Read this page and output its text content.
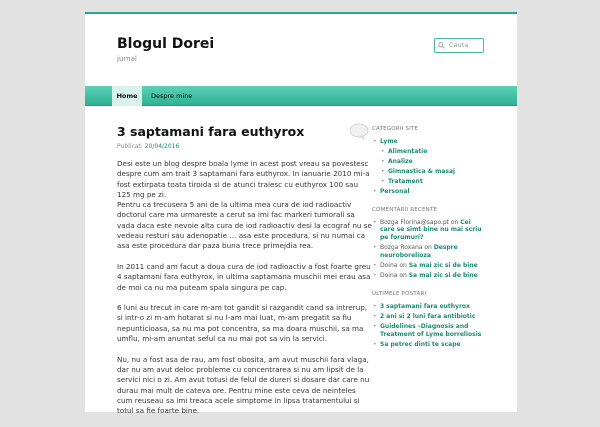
Blogul Dorei
jurnal
Cauta
Home	Despre mine
3 saptamani fara euthyrox
Publicat: 20/04/2016

Desi este un blog despre boala lyme in acest post vreau sa povestesc despre cum am trait 3 saptamani fara euthyrox. In ianuarie 2010 mi-a fost extirpata toata tiroida si de atunci traiesc cu euthyrox 100 sau 125 mg pe zi.

Pentru ca trecusera 5 ani de la ultima mea cura de iod radioactiv doctorul care ma urmareste a cerut sa imi fac markeri tumorali sa vada daca este nevoie alta cura de iod radioactiv desi la ecograf nu se vedeau resturi sau adenopatie … asa este procedura, si nu numai ca asa este procedura dar paza buna trece primejdia rea.

In 2011 cand am facut a doua cura de iod radioactiv a fost foarte greu 4 saptamani fara euthyrox, in ultima saptamana muschii mei erau asa de moi ca nu ma puteam spala singura pe cap.

6 luni au trecut in care m-am tot gandit si razgandit cand sa intrerup, si intr-o zi m-am hotarat si nu l-am mai luat, m-am pregatit sa fiu nepunticioasa, sa nu ma pot concentra, sa ma doara muschii, sa ma umflu, mi-am anuntat seful ca nu mai pot sa vin la servici.

Nu, nu a fost asa de rau, am fost obosita, am avut muschii fara vlaga, dar nu am avut deloc probleme cu concentrarea si nu am lipsit de la servici nici o zi. Am avut totusi de felul de dureri si dosare dar care nu durau mai mult de cateva ore. Pentru mine este ceva de neinteles cum reuseau sa imi treaca acele simptome in lipsa tratamentului si totul sa fie foarte bine.

CATEGORII SITE
• Lyme
• Alimentatie
• Analize
• Gimnastica & masaj
• Tratament
• Personal
COMENTARII RECENTE
• Bozga Florina@sapo.pt on Cei care se simt bine nu mai scriu pe forumuri?
• Bozga Roxana on Despre neuroborelioza
• Doina on Sa mai zic si de bine
• Doina on Sa mai zic si de bine
ULTIMELE POSTARI
• 3 saptamani fara euthyrox
• 2 ani si 2 luni fara antibiotic
• Guidelines –Diagnosis and Treatment of Lyme borreliosis
• Sa petrec dinti te scape
